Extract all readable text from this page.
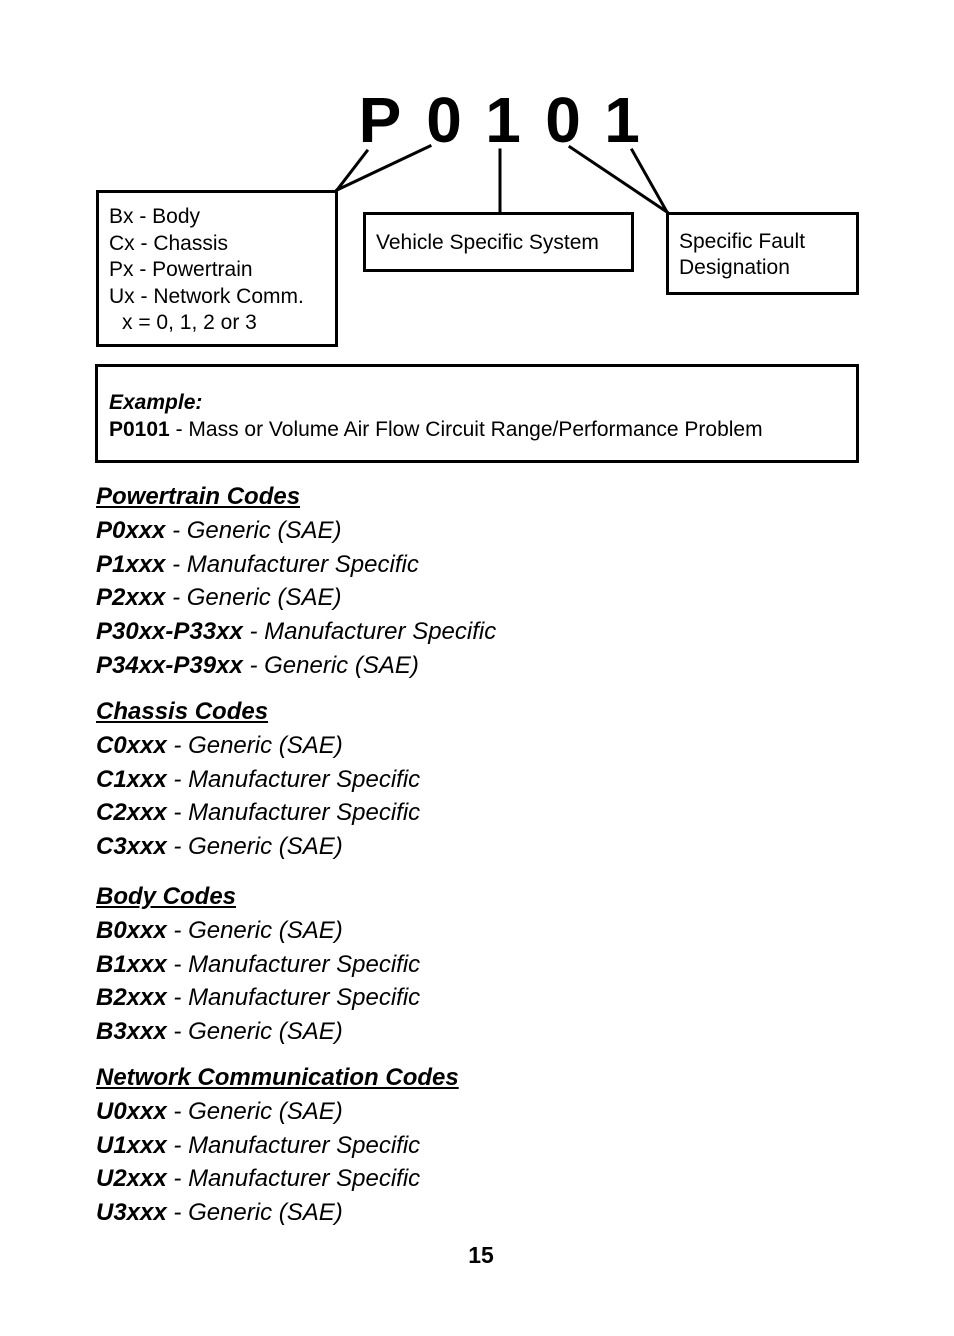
P 0 1 0 1
Bx - Body
Cx - Chassis
Px - Powertrain
Ux - Network Comm.
x = 0, 1, 2 or 3
Vehicle Specific System	Specific Fault
Designation
Example:
P0101 - Mass or Volume Air Flow Circuit Range/Performance Problem
Powertrain Codes
P0xxx - Generic (SAE)
P1xxx - Manufacturer Specific
P2xxx - Generic (SAE)
P30xx-P33xx - Manufacturer Specific
P34xx-P39xx - Generic (SAE)
Chassis Codes
C0xxx - Generic (SAE)
C1xxx - Manufacturer Specific
C2xxx - Manufacturer Specific
C3xxx - Generic (SAE)
Body Codes
B0xxx - Generic (SAE)
B1xxx - Manufacturer Specific
B2xxx - Manufacturer Specific
B3xxx - Generic (SAE)
Network Communication Codes
U0xxx - Generic (SAE)
U1xxx - Manufacturer Specific
U2xxx - Manufacturer Specific
U3xxx - Generic (SAE)
15
